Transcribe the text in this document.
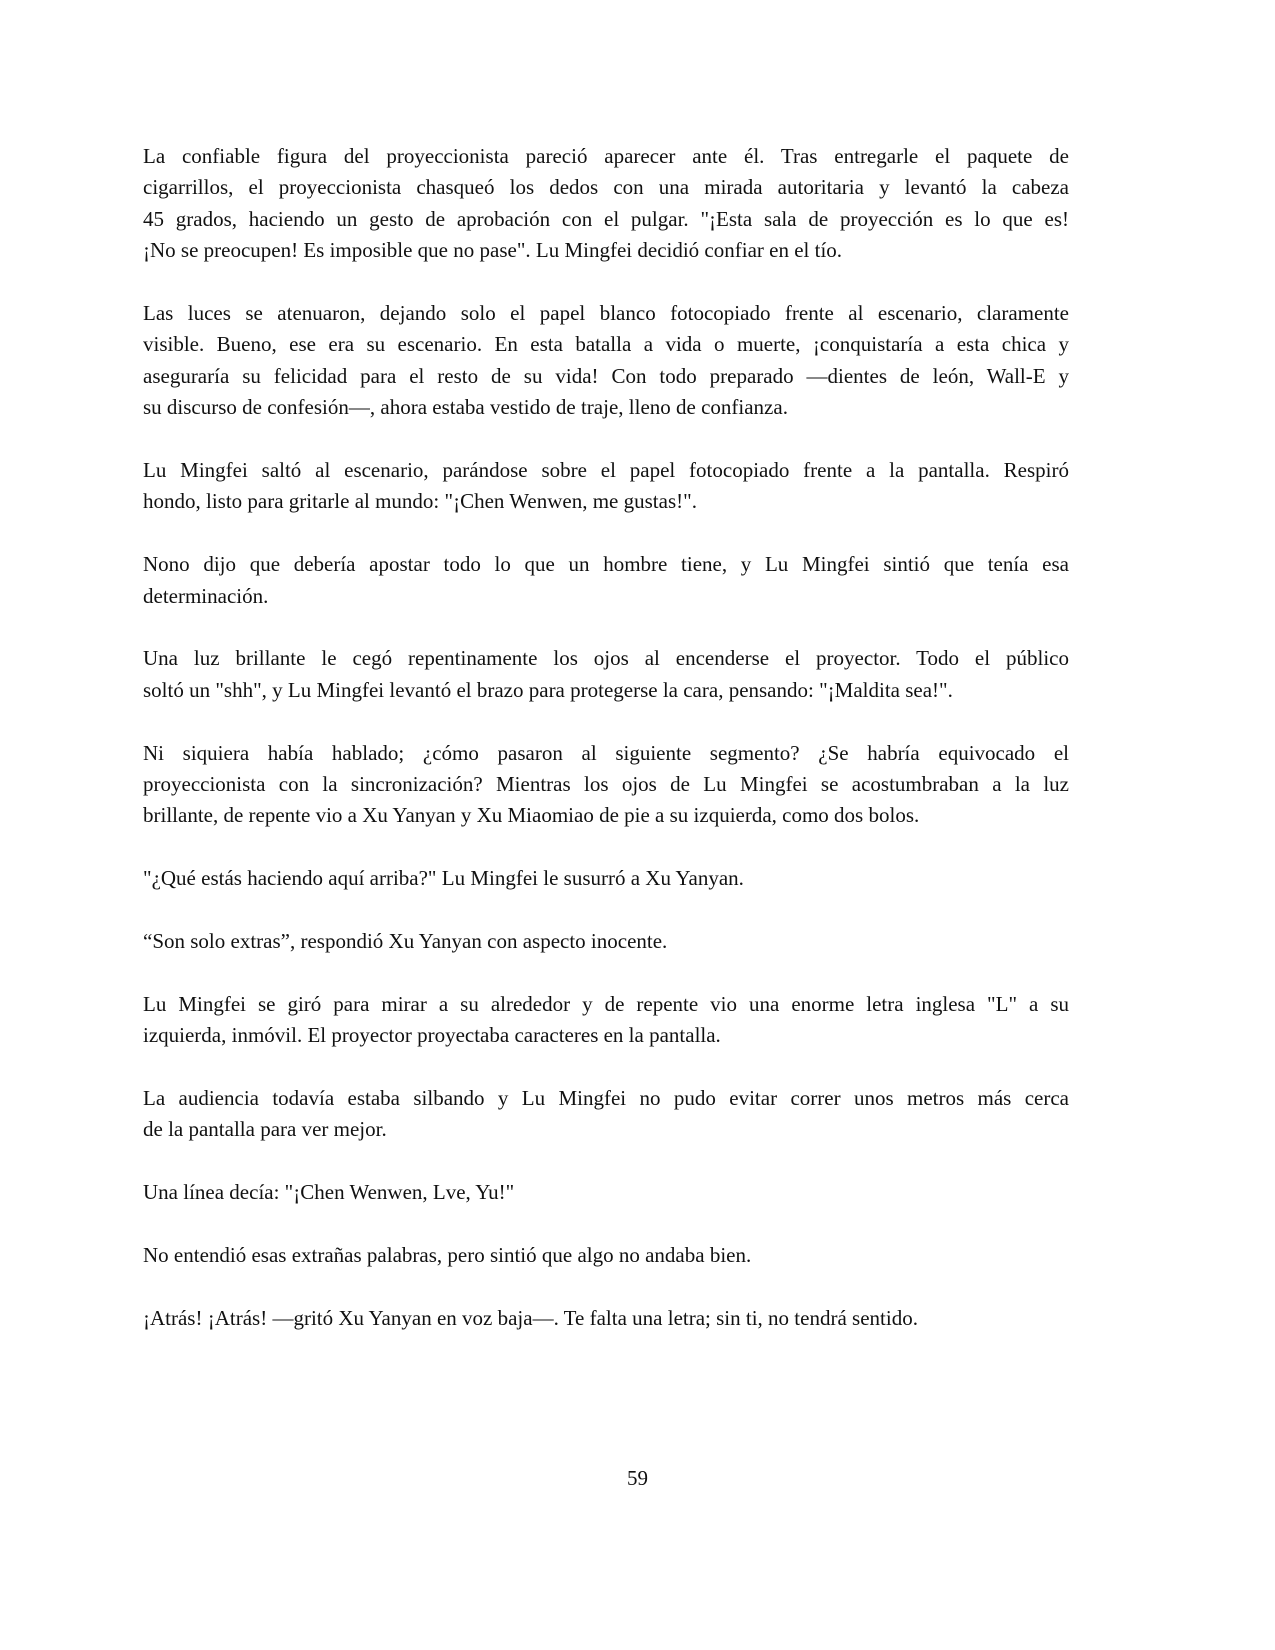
La confiable figura del proyeccionista pareció aparecer ante él. Tras entregarle el paquete de
cigarrillos, el proyeccionista chasqueó los dedos con una mirada autoritaria y levantó la cabeza
45 grados, haciendo un gesto de aprobación con el pulgar. "¡Esta sala de proyección es lo que es!
¡No se preocupen! Es imposible que no pase". Lu Mingfei decidió confiar en el tío.
Las luces se atenuaron, dejando solo el papel blanco fotocopiado frente al escenario, claramente
visible. Bueno, ese era su escenario. En esta batalla a vida o muerte, ¡conquistaría a esta chica y
aseguraría su felicidad para el resto de su vida! Con todo preparado —dientes de león, Wall-E y
su discurso de confesión—, ahora estaba vestido de traje, lleno de confianza.
Lu Mingfei saltó al escenario, parándose sobre el papel fotocopiado frente a la pantalla. Respiró
hondo, listo para gritarle al mundo: "¡Chen Wenwen, me gustas!".
Nono dijo que debería apostar todo lo que un hombre tiene, y Lu Mingfei sintió que tenía esa
determinación.
Una luz brillante le cegó repentinamente los ojos al encenderse el proyector. Todo el público
soltó un "shh", y Lu Mingfei levantó el brazo para protegerse la cara, pensando: "¡Maldita sea!".
Ni siquiera había hablado; ¿cómo pasaron al siguiente segmento? ¿Se habría equivocado el
proyeccionista con la sincronización? Mientras los ojos de Lu Mingfei se acostumbraban a la luz
brillante, de repente vio a Xu Yanyan y Xu Miaomiao de pie a su izquierda, como dos bolos.
"¿Qué estás haciendo aquí arriba?" Lu Mingfei le susurró a Xu Yanyan.
“Son solo extras”, respondió Xu Yanyan con aspecto inocente.
Lu Mingfei se giró para mirar a su alrededor y de repente vio una enorme letra inglesa "L" a su
izquierda, inmóvil. El proyector proyectaba caracteres en la pantalla.
La audiencia todavía estaba silbando y Lu Mingfei no pudo evitar correr unos metros más cerca
de la pantalla para ver mejor.
Una línea decía: "¡Chen Wenwen, Lve, Yu!"
No entendió esas extrañas palabras, pero sintió que algo no andaba bien.
¡Atrás! ¡Atrás! —gritó Xu Yanyan en voz baja—. Te falta una letra; sin ti, no tendrá sentido.
59
